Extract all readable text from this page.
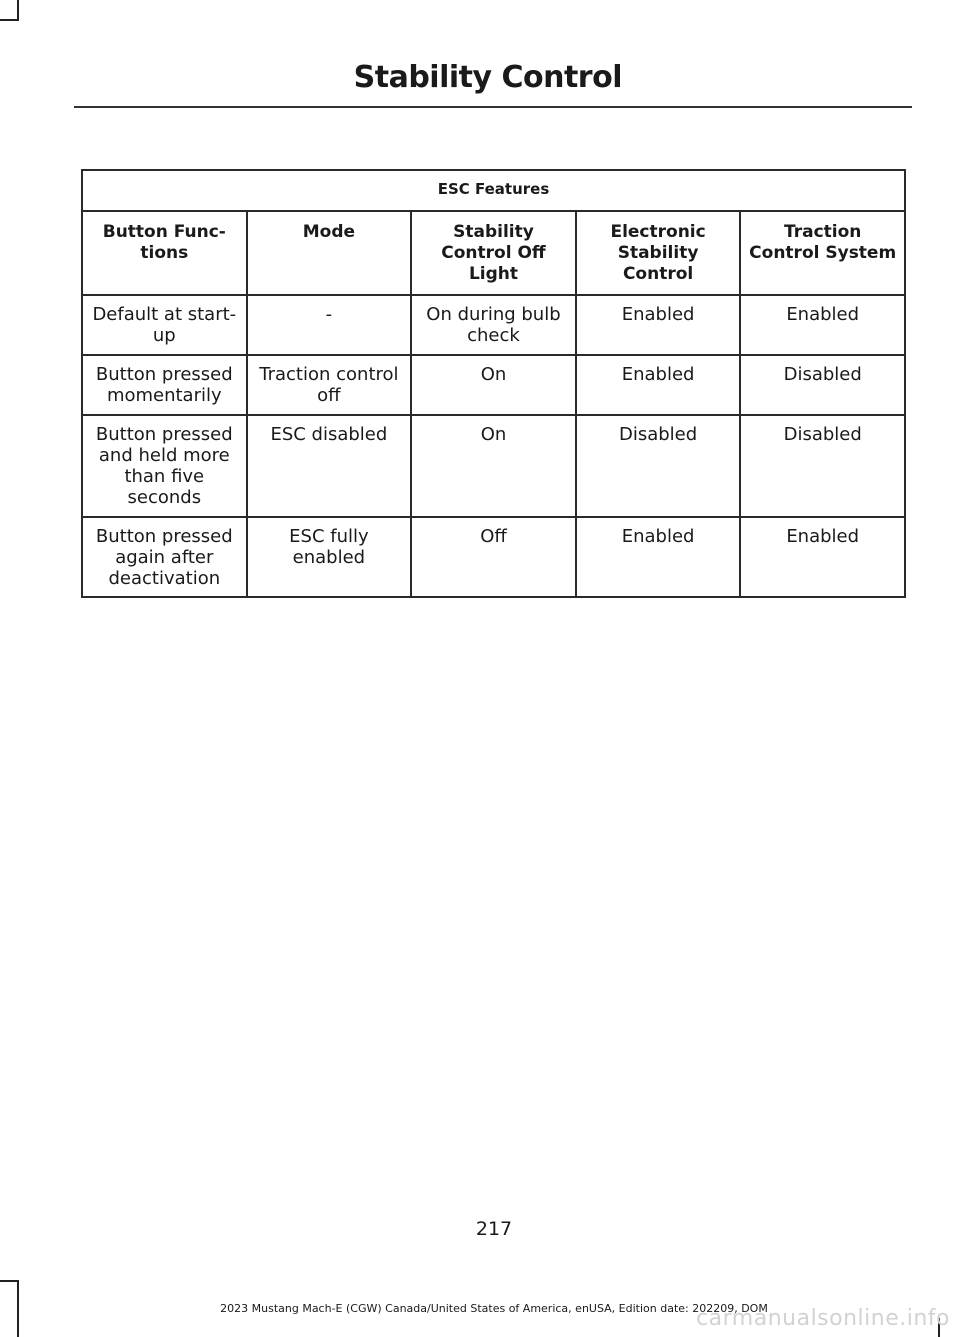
Stability Control
ESC Features				
Button Func-tions	Mode	Stability Control Off Light	Electronic Stability Control	Traction Control System
Default at start-up	-	On during bulb check	Enabled	Enabled
Button pressed momentarily	Traction control off	On	Enabled	Disabled
Button pressed and held more than five seconds	ESC disabled	On	Disabled	Disabled
Button pressed again after deactivation	ESC fully enabled	Off	Enabled	Enabled
217
2023 Mustang Mach-E (CGW) Canada/United States of America, enUSA, Edition date: 202209, DOM
carmanualsonline.info
